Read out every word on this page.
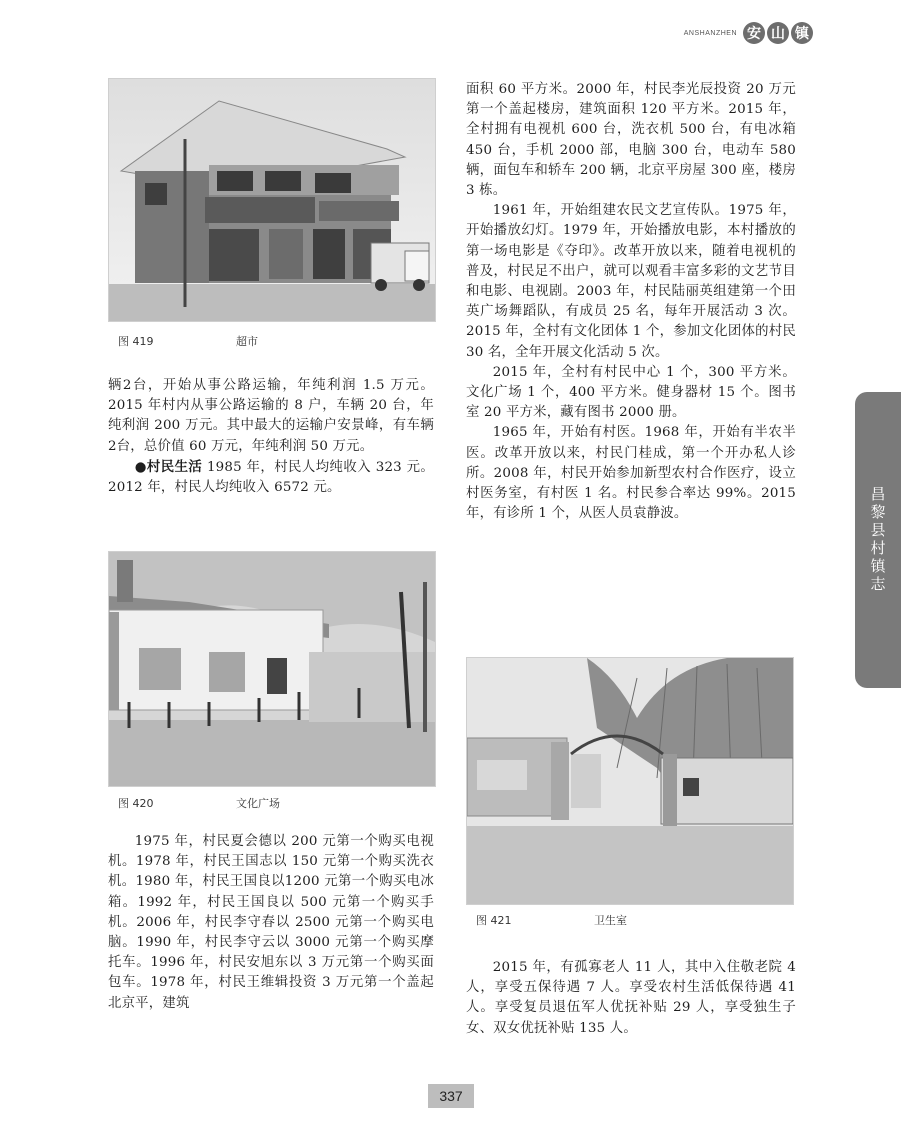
ANSHANZHEN 安 山 镇
图 419	超市

辆2台，开始从事公路运输，年纯利润 1.5 万元。2015 年村内从事公路运输的 8 户，车辆 20 台，年纯利润 200 万元。其中最大的运输户安景峰，有车辆2台，总价值 60 万元，年纯利润 50 万元。

●村民生活 1985 年，村民人均纯收入 323 元。2012 年，村民人均纯收入 6572 元。

图 420	文化广场

1975 年，村民夏会德以 200 元第一个购买电视机。1978 年，村民王国志以 150 元第一个购买洗衣机。1980 年，村民王国良以1200 元第一个购买电冰箱。1992 年，村民王国良以 500 元第一个购买手机。2006 年，村民李守春以 2500 元第一个购买电脑。1990 年，村民李守云以 3000 元第一个购买摩托车。1996 年，村民安旭东以 3 万元第一个购买面包车。1978 年，村民王维辑投资 3 万元第一个盖起北京平，建筑

面积 60 平方米。2000 年，村民李光辰投资 20 万元第一个盖起楼房，建筑面积 120 平方米。2015 年，全村拥有电视机 600 台，洗衣机 500 台，有电冰箱 450 台，手机 2000 部，电脑 300 台，电动车 580 辆，面包车和轿车 200 辆，北京平房屋 300 座，楼房 3 栋。

1961 年，开始组建农民文艺宣传队。1975 年，开始播放幻灯。1979 年，开始播放电影，本村播放的第一场电影是《夺印》。改革开放以来，随着电视机的普及，村民足不出户，就可以观看丰富多彩的文艺节目和电影、电视剧。2003 年，村民陆丽英组建第一个田英广场舞蹈队，有成员 25 名，每年开展活动 3 次。2015 年，全村有文化团体 1 个，参加文化团体的村民 30 名，全年开展文化活动 5 次。

2015 年，全村有村民中心 1 个，300 平方米。文化广场 1 个，400 平方米。健身器材 15 个。图书室 20 平方米，藏有图书 2000 册。

1965 年，开始有村医。1968 年，开始有半农半医。改革开放以来，村民门桂成，第一个开办私人诊所。2008 年，村民开始参加新型农村合作医疗，设立村医务室，有村医 1 名。村民参合率达 99%。2015 年，有诊所 1 个，从医人员袁静波。

图 421	卫生室

2015 年，有孤寡老人 11 人，其中入住敬老院 4 人，享受五保待遇 7 人。享受农村生活低保待遇 41 人。享受复员退伍军人优抚补贴 29 人，享受独生子女、双女优抚补贴 135 人。

昌黎县村镇志
337
